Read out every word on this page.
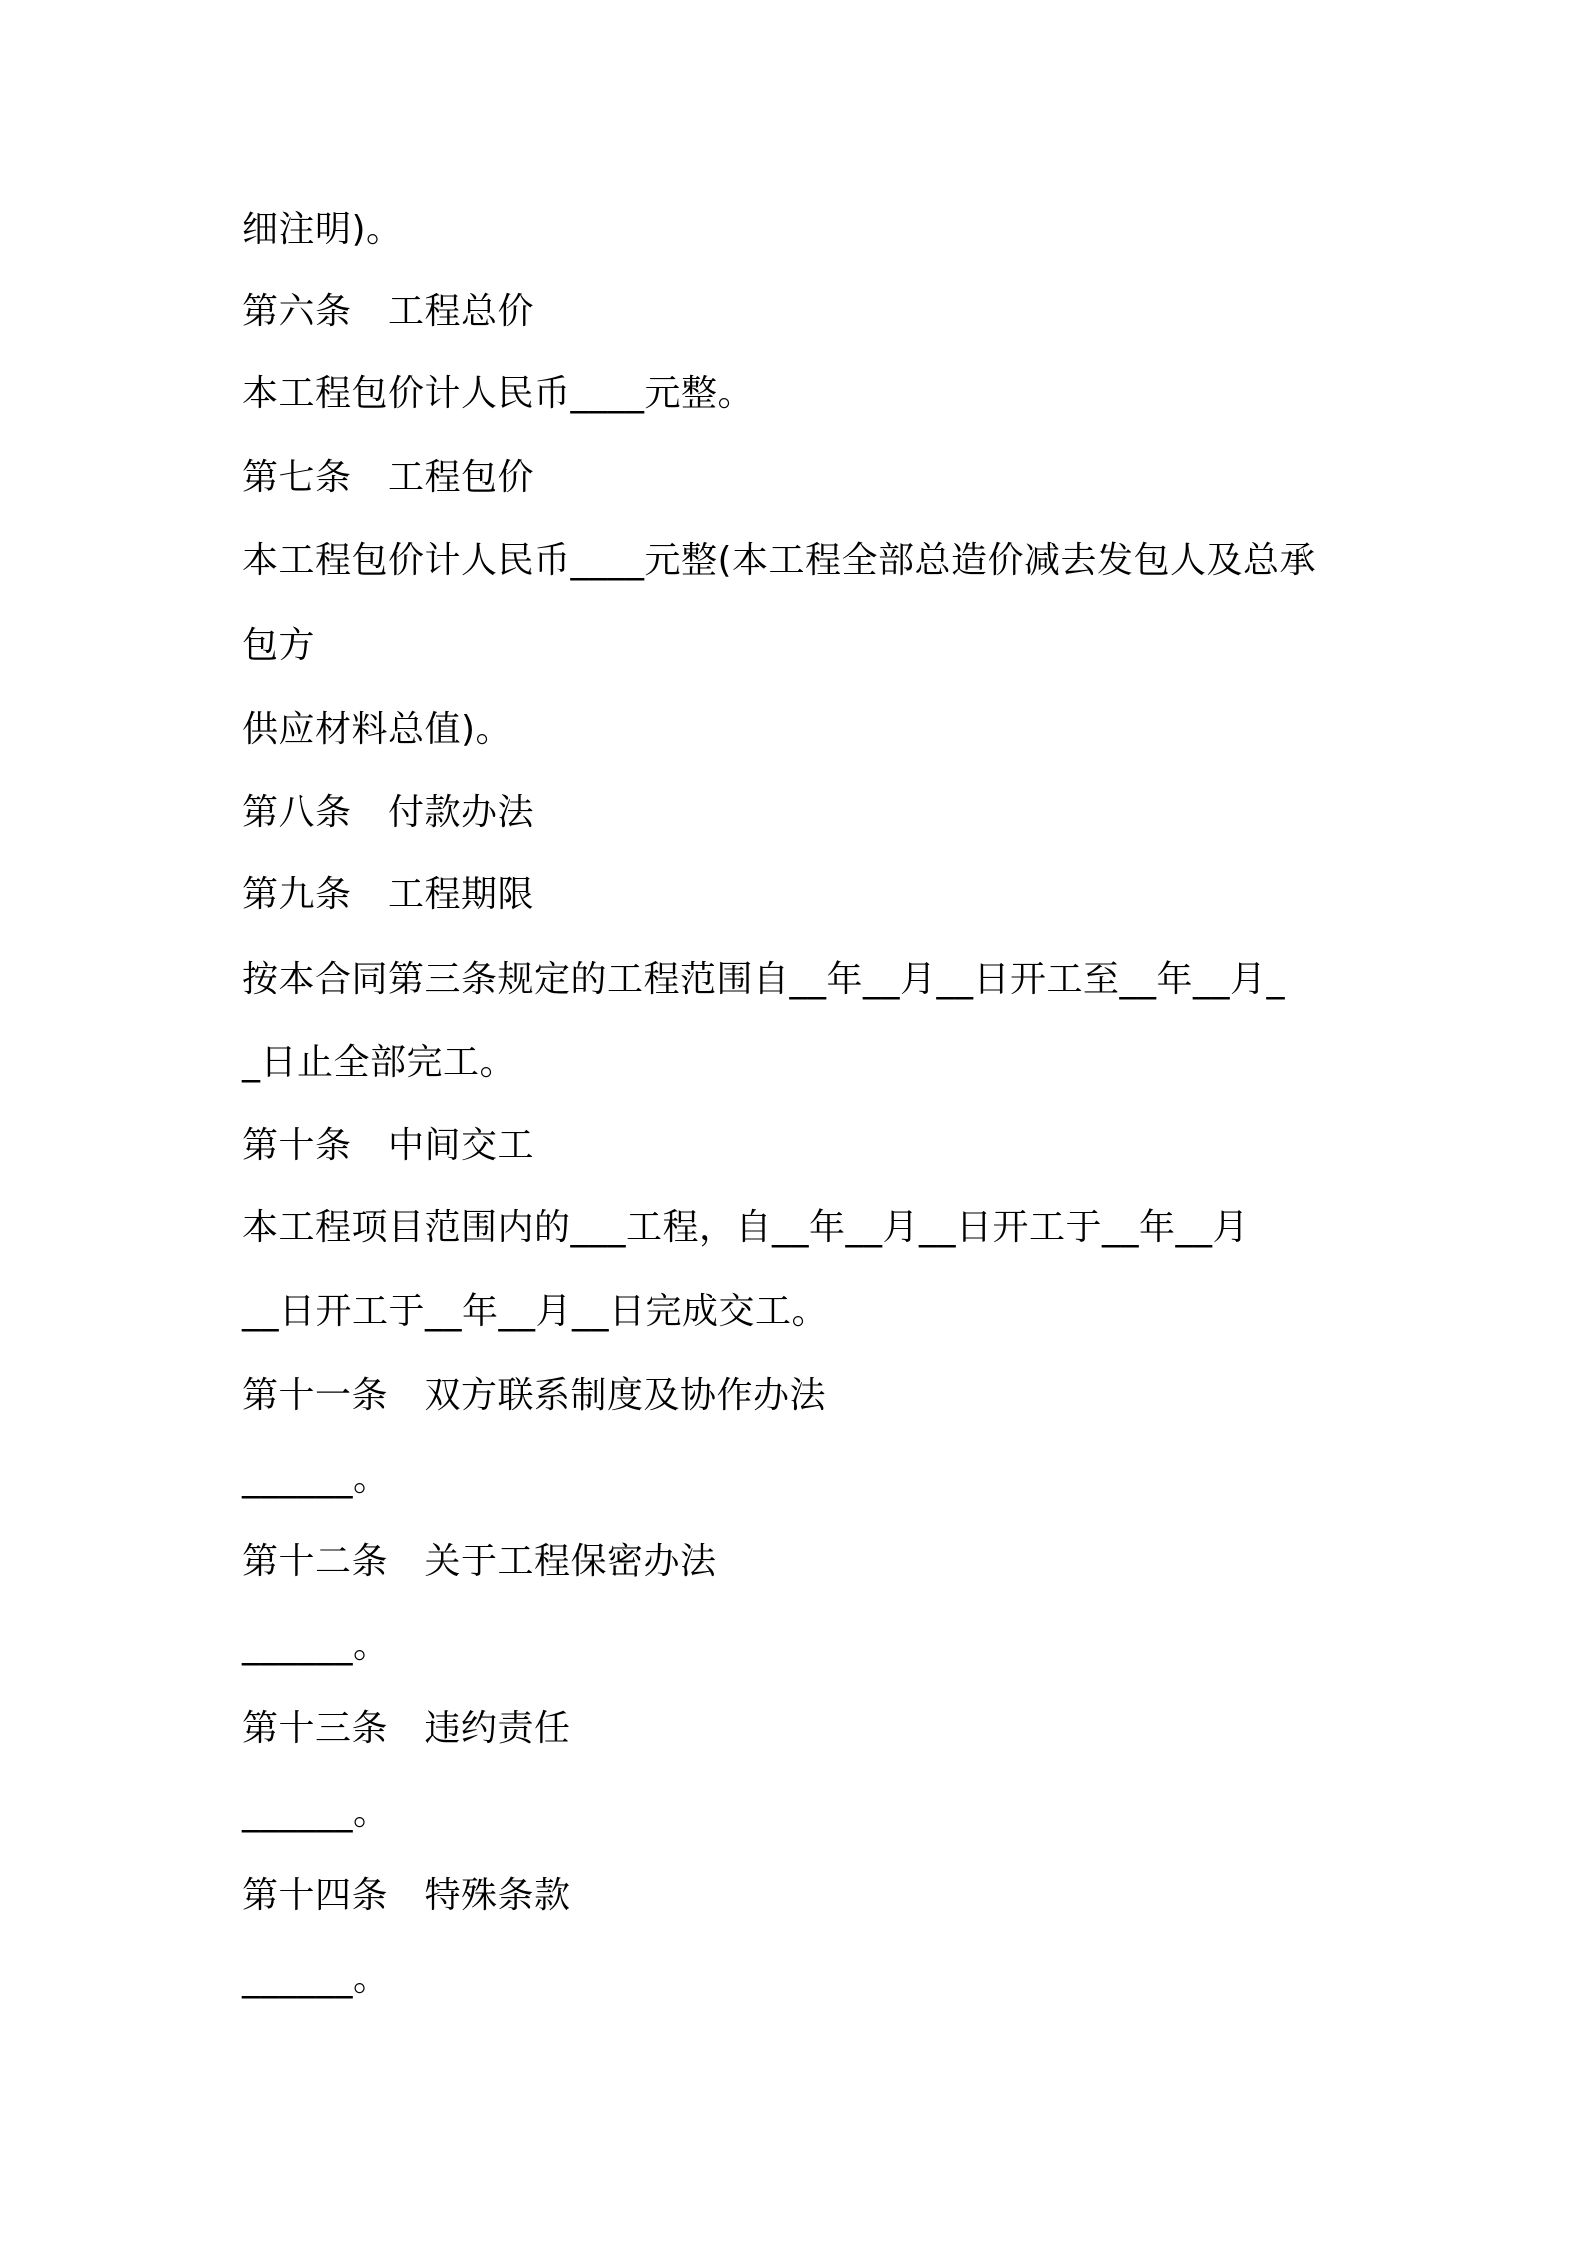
细注明)。

第六条　工程总价

本工程包价计人民币____元整。

第七条　工程包价

本工程包价计人民币____元整(本工程全部总造价减去发包人及总承

包方

供应材料总值)。

第八条　付款办法

第九条　工程期限

按本合同第三条规定的工程范围自__年__月__日开工至__年__月_

_日止全部完工。

第十条　中间交工

本工程项目范围内的___工程，自__年__月__日开工于__年__月

__日开工于__年__月__日完成交工。

第十一条　双方联系制度及协作办法

______。

第十二条　关于工程保密办法

______。

第十三条　违约责任

______。

第十四条　特殊条款

______。
